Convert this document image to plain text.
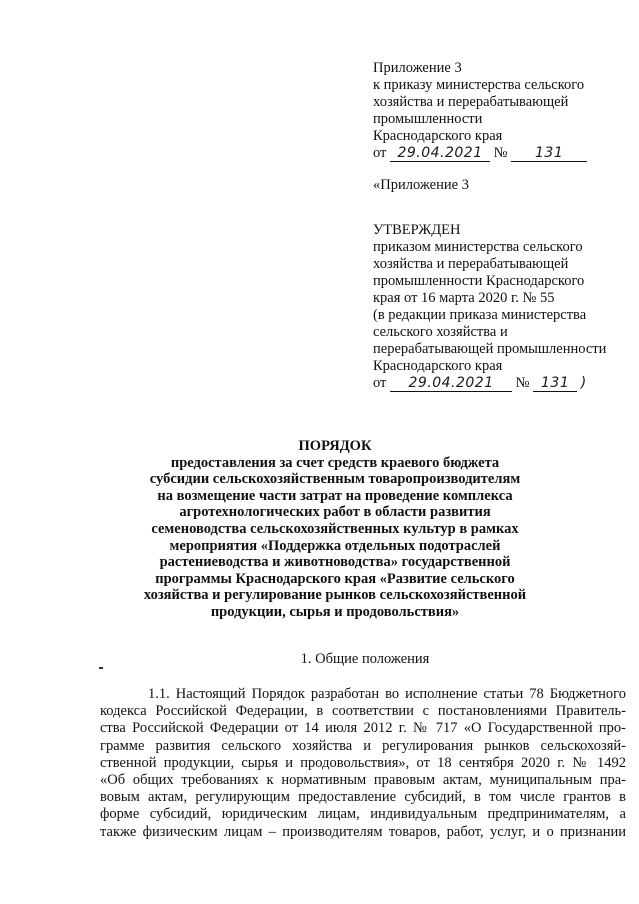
Приложение 3
к приказу министерства сельского
хозяйства и перерабатывающей
промышленности
Краснодарского края
от 29.04.2021 № 131
«Приложение 3
УТВЕРЖДЕН
приказом министерства сельского
хозяйства и перерабатывающей
промышленности Краснодарского
края от 16 марта 2020 г. № 55
(в редакции приказа министерства
сельского хозяйства и
перерабатывающей промышленности
Краснодарского края
от 29.04.2021 № 131 )
ПОРЯДОК
предоставления за счет средств краевого бюджета
субсидии сельскохозяйственным товаропроизводителям
на возмещение части затрат на проведение комплекса
агротехнологических работ в области развития
семеноводства сельскохозяйственных культур в рамках
мероприятия «Поддержка отдельных подотраслей
растениеводства и животноводства» государственной
программы Краснодарского края «Развитие сельского
хозяйства и регулирование рынков сельскохозяйственной
продукции, сырья и продовольствия»
1. Общие положения
1.1. Настоящий Порядок разработан во исполнение статьи 78 Бюджетного
кодекса Российской Федерации, в соответствии с постановлениями Правитель-
ства Российской Федерации от 14 июля 2012 г. № 717 «О Государственной про-
грамме развития сельского хозяйства и регулирования рынков сельскохозяй-
ственной продукции, сырья и продовольствия», от 18 сентября 2020 г. № 1492
«Об общих требованиях к нормативным правовым актам, муниципальным пра-
вовым актам, регулирующим предоставление субсидий, в том числе грантов в
форме субсидий, юридическим лицам, индивидуальным предпринимателям, а
также физическим лицам – производителям товаров, работ, услуг, и о признании
